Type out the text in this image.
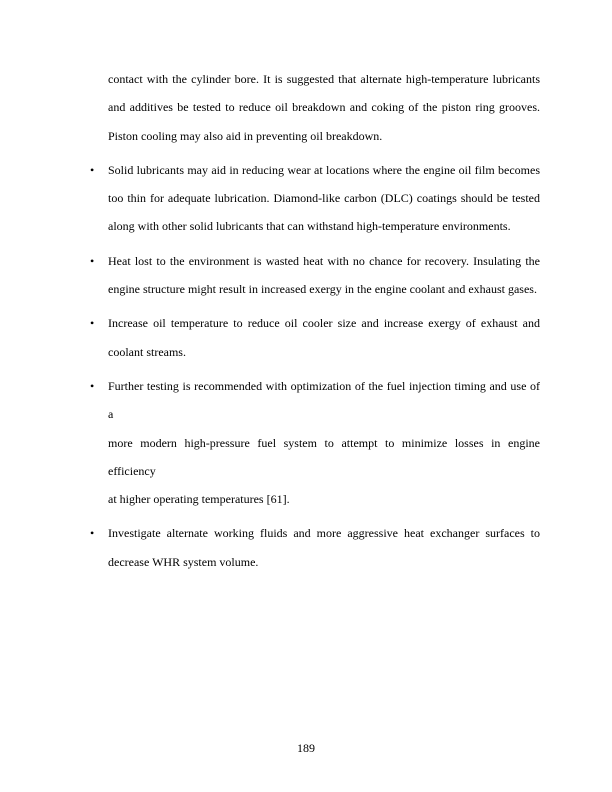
contact with the cylinder bore. It is suggested that alternate high-temperature lubricants
and additives be tested to reduce oil breakdown and coking of the piston ring grooves.
Piston cooling may also aid in preventing oil breakdown.
• Solid lubricants may aid in reducing wear at locations where the engine oil film becomes
too thin for adequate lubrication. Diamond-like carbon (DLC) coatings should be tested
along with other solid lubricants that can withstand high-temperature environments.
• Heat lost to the environment is wasted heat with no chance for recovery. Insulating the
engine structure might result in increased exergy in the engine coolant and exhaust gases.
• Increase oil temperature to reduce oil cooler size and increase exergy of exhaust and
coolant streams.
• Further testing is recommended with optimization of the fuel injection timing and use of a
more modern high-pressure fuel system to attempt to minimize losses in engine efficiency
at higher operating temperatures [61].
• Investigate alternate working fluids and more aggressive heat exchanger surfaces to
decrease WHR system volume.
189
